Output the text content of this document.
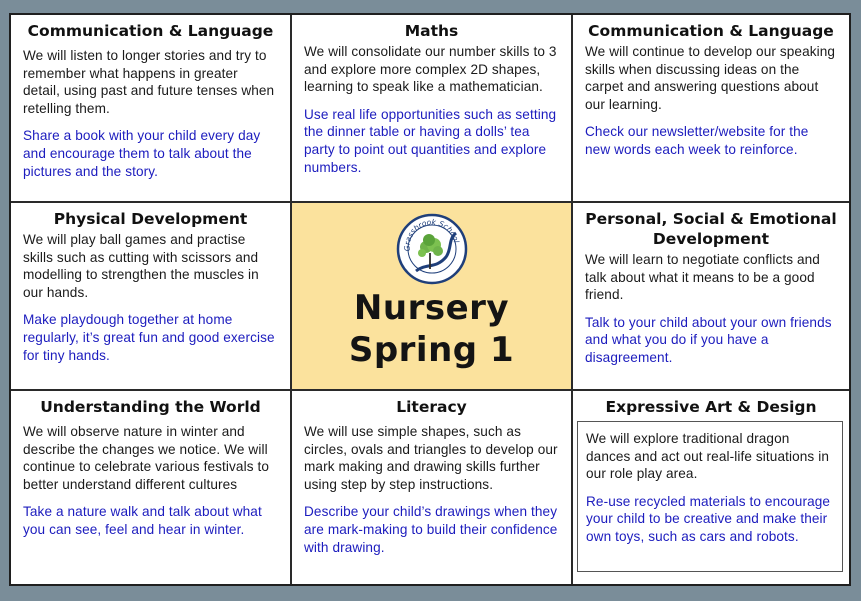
Communication & Language

We will listen to longer stories and try to remember what happens in greater detail, using past and future tenses when retelling them.

Share a book with your child every day and encourage them to talk about the pictures and the story.

Maths

We will consolidate our number skills to 3 and explore more complex 2D shapes, learning to speak like a mathematician.

Use real life opportunities such as setting the dinner table or having a dolls’ tea party to point out quantities and explore numbers.

Communication & Language

We will continue to develop our speaking skills when discussing ideas on the carpet and answering questions about our learning.

Check our newsletter/website for the new words each week to reinforce.

Physical Development

We will play ball games and practise skills such as cutting with scissors and modelling to strengthen the muscles in our hands.

Make playdough together at home regularly, it’s great fun and good exercise for tiny hands.

Grassbrook School
Nursery
Spring 1
Personal, Social & Emotional Development

We will learn to negotiate conflicts and talk about what it means to be a good friend.

Talk to your child about your own friends and what you do if you have a disagreement.

Understanding the World

We will observe nature in winter and describe the changes we notice. We will continue to celebrate various festivals to better understand different cultures

Take a nature walk and talk about what you can see, feel and hear in winter.

Literacy

We will use simple shapes, such as circles, ovals and triangles to develop our mark making and drawing skills further using step by step instructions.

Describe your child’s drawings when they are mark-making to build their confidence with drawing.

Expressive Art & Design

We will explore traditional dragon dances and act out real-life situations in our role play area.

Re-use recycled materials to encourage your child to be creative and make their own toys, such as cars and robots.
